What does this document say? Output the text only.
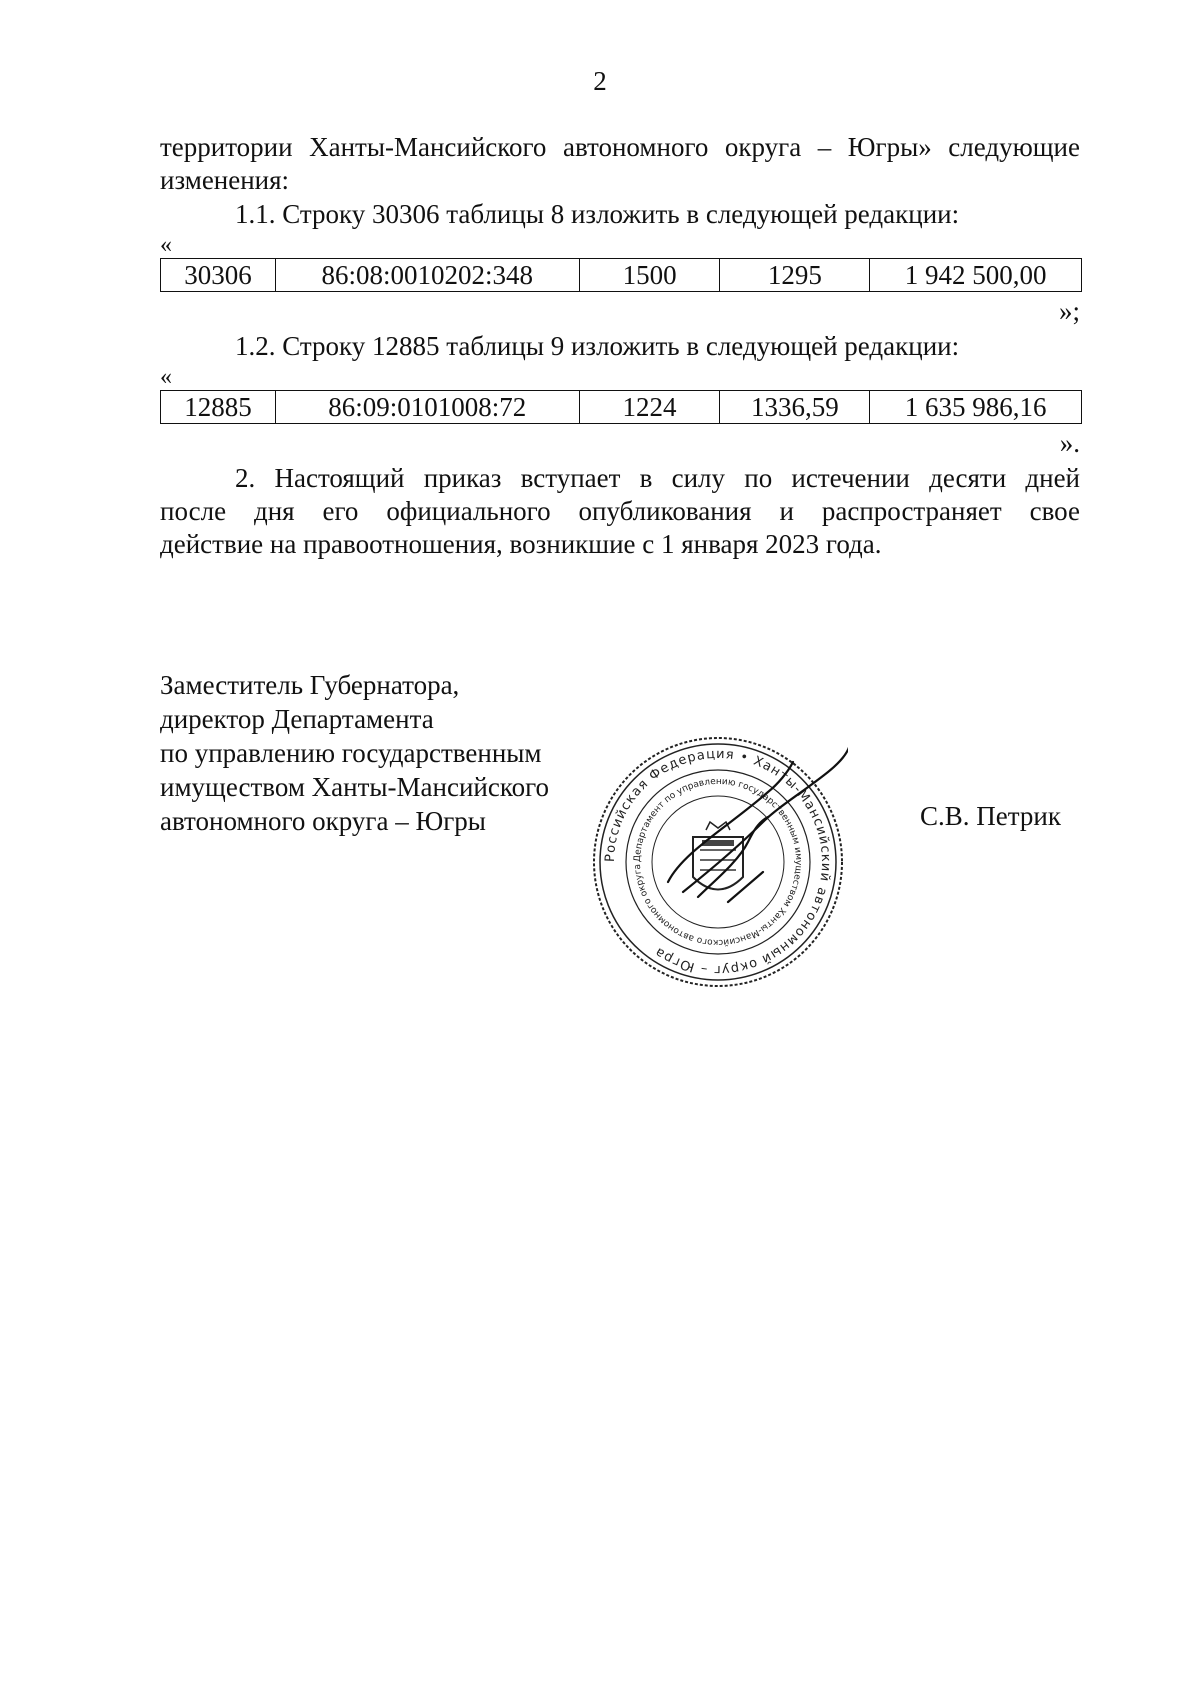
2
территории Ханты-Мансийского автономного округа – Югры» следующие
изменения:
1.1. Строку 30306 таблицы 8 изложить в следующей редакции:
«
30306	86:08:0010202:348	1500	1295	1 942 500,00
»;
1.2. Строку 12885 таблицы 9 изложить в следующей редакции:
«
12885	86:09:0101008:72	1224	1336,59	1 635 986,16
».
2. Настоящий приказ вступает в силу по истечении десяти дней
после дня его официального опубликования и распространяет свое
действие на правоотношения, возникшие с 1 января 2023 года.
Заместитель Губернатора,
директор Департамента
по управлению государственным
имуществом Ханты-Мансийского
автономного округа – Югры	С.В. Петрик
Российская Федерация • Ханты-Мансийский автономный округ – Югра
Департамент по управлению государственным имуществом Ханты-Мансийского автономного округа
